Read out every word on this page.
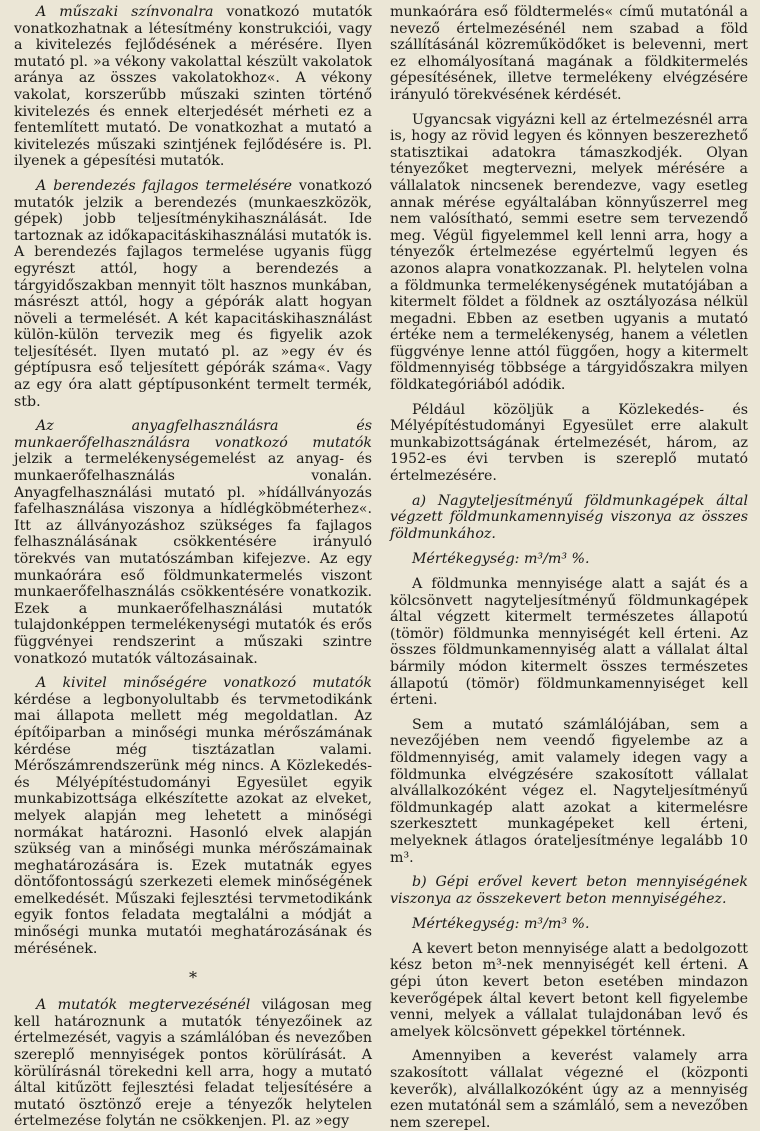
A műszaki színvonalra vonatkozó mutatók vonatkozhatnak a létesítmény konstrukciói, vagy a kivitelezés fejlődésének a mérésére. Ilyen mutató pl. »a vékony vakolattal készült vakolatok aránya az összes vakolatokhoz«. A vékony vakolat, korszerűbb műszaki szinten történő kivitelezés és ennek elterjedését mérheti ez a fentemlített mutató. De vonatkozhat a mutató a kivitelezés műszaki szintjének fejlődésére is. Pl. ilyenek a gépesítési mutatók.

A berendezés fajlagos termelésére vonatkozó mutatók jelzik a berendezés (munkaeszközök, gépek) jobb teljesítménykihasználását. Ide tartoznak az időkapacitáskihasználási mutatók is. A berendezés fajlagos termelése ugyanis függ egyrészt attól, hogy a berendezés a tárgyidőszakban mennyit tölt hasznos munkában, másrészt attól, hogy a gépórák alatt hogyan növeli a termelését. A két kapacitáskihasználást külön-külön tervezik meg és figyelik azok teljesítését. Ilyen mutató pl. az »egy év és géptípusra eső teljesített gépórák száma«. Vagy az egy óra alatt géptípusonként termelt termék, stb.

Az anyagfelhasználásra és munkaerőfelhasználásra vonatkozó mutatók jelzik a termelékenységemelést az anyag- és munkaerőfelhasználás vonalán. Anyagfelhasználási mutató pl. »hídállványozás fafelhasználása viszonya a hídlégköbméterhez«. Itt az állványozáshoz szükséges fa fajlagos felhasználásának csökkentésére irányuló törekvés van mutatószámban kifejezve. Az egy munkaórára eső földmunkatermelés viszont munkaerőfelhasználás csökkentésére vonatkozik. Ezek a munkaerőfelhasználási mutatók tulajdonképpen termelékenységi mutatók és erős függvényei rendszerint a műszaki szintre vonatkozó mutatók változásainak.

A kivitel minőségére vonatkozó mutatók kérdése a legbonyolultabb és tervmetodikánk mai állapota mellett még megoldatlan. Az építőiparban a minőségi munka mérőszámának kérdése még tisztázatlan valami. Mérőszámrendszerünk még nincs. A Közlekedés- és Mélyépítéstudományi Egyesület egyik munkabizottsága elkészítette azokat az elveket, melyek alapján meg lehetett a minőségi normákat határozni. Hasonló elvek alapján szükség van a minőségi munka mérőszámainak meghatározására is. Ezek mutatnák egyes döntőfontosságú szerkezeti elemek minőségének emelkedését. Műszaki fejlesztési tervmetodikánk egyik fontos feladata megtalálni a módját a minőségi munka mutatói meghatározásának és mérésének.

*

A mutatók megtervezésénél világosan meg kell határoznunk a mutatók tényezőinek az értelmezését, vagyis a számlálóban és nevezőben szereplő mennyiségek pontos körülírását. A körülírásnál törekedni kell arra, hogy a mutató által kitűzött fejlesztési feladat teljesítésére a mutató ösztönző ereje a tényezők helytelen értelmezése folytán ne csökkenjen. Pl. az »egy

munkaórára eső földtermelés« című mutatónál a nevező értelmezésénél nem szabad a föld szállításánál közreműködőket is belevenni, mert ez elhomályosítaná magának a földkitermelés gépesítésének, illetve termelékeny elvégzésére irányuló törekvésének kérdését.

Ugyancsak vigyázni kell az értelmezésnél arra is, hogy az rövid legyen és könnyen beszerezhető statisztikai adatokra támaszkodjék. Olyan tényezőket megtervezni, melyek mérésére a vállalatok nincsenek berendezve, vagy esetleg annak mérése egyáltalában könnyűszerrel meg nem valósítható, semmi esetre sem tervezendő meg. Végül figyelemmel kell lenni arra, hogy a tényezők értelmezése egyértelmű legyen és azonos alapra vonatkozzanak. Pl. helytelen volna a földmunka termelékenységének mutatójában a kitermelt földet a földnek az osztályozása nélkül megadni. Ebben az esetben ugyanis a mutató értéke nem a termelékenység, hanem a véletlen függvénye lenne attól függően, hogy a kitermelt földmennyiség többsége a tárgyidőszakra milyen földkategóriából adódik.

Például közöljük a Közlekedés- és Mélyépítéstudományi Egyesület erre alakult munkabizottságának értelmezését, három, az 1952-es évi tervben is szereplő mutató értelmezésére.

a) Nagyteljesítményű földmunkagépek által végzett földmunkamennyiség viszonya az összes földmunkához.

Mértékegység: m³/m³ %.

A földmunka mennyisége alatt a saját és a kölcsönvett nagyteljesítményű földmunkagépek által végzett kitermelt természetes állapotú (tömör) földmunka mennyiségét kell érteni. Az összes földmunkamennyiség alatt a vállalat által bármily módon kitermelt összes természetes állapotú (tömör) földmunkamennyiséget kell érteni.

Sem a mutató számlálójában, sem a nevezőjében nem veendő figyelembe az a földmennyiség, amit valamely idegen vagy a földmunka elvégzésére szakosított vállalat alvállalkozóként végez el. Nagyteljesítményű földmunkagép alatt azokat a kitermelésre szerkesztett munkagépeket kell érteni, melyeknek átlagos órateljesítménye legalább 10 m³.

b) Gépi erővel kevert beton mennyiségének viszonya az összekevert beton mennyiségéhez.

Mértékegység: m³/m³ %.

A kevert beton mennyisége alatt a bedolgozott kész beton m³-nek mennyiségét kell érteni. A gépi úton kevert beton esetében mindazon keverőgépek által kevert betont kell figyelembe venni, melyek a vállalat tulajdonában levő és amelyek kölcsönvett gépekkel történnek.

Amennyiben a keverést valamely arra szakosított vállalat végezné el (központi keverők), alvállalkozóként úgy az a mennyiség ezen mutatónál sem a számláló, sem a nevezőben nem szerepel.
